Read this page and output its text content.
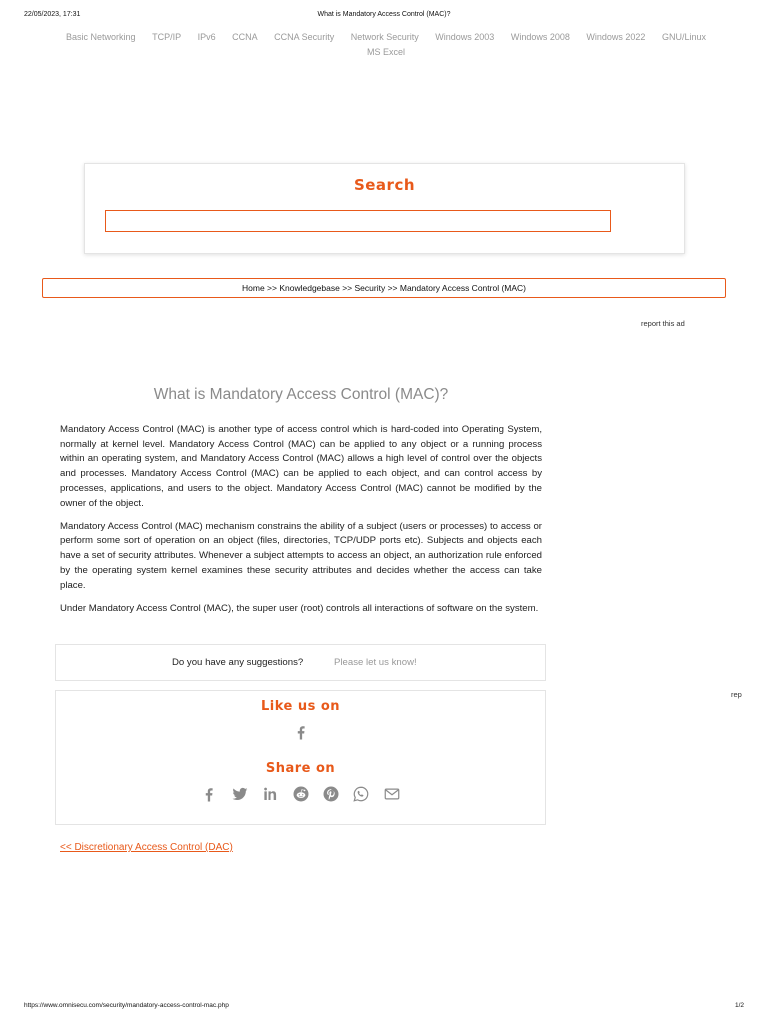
22/05/2023, 17:31	What is Mandatory Access Control (MAC)?
Basic Networking TCP/IP IPv6 CCNA CCNA Security Network Security Windows 2003 Windows 2008 Windows 2022 GNU/Linux MS Excel
Search
Home >> Knowledgebase >> Security >> Mandatory Access Control (MAC)
report this ad
rep
What is Mandatory Access Control (MAC)?

Mandatory Access Control (MAC) is another type of access control which is hard-coded into Operating System, normally at kernel level. Mandatory Access Control (MAC) can be applied to any object or a running process within an operating system, and Mandatory Access Control (MAC) allows a high level of control over the objects and processes. Mandatory Access Control (MAC) can be applied to each object, and can control access by processes, applications, and users to the object. Mandatory Access Control (MAC) cannot be modified by the owner of the object.

Mandatory Access Control (MAC) mechanism constrains the ability of a subject (users or processes) to access or perform some sort of operation on an object (files, directories, TCP/UDP ports etc). Subjects and objects each have a set of security attributes. Whenever a subject attempts to access an object, an authorization rule enforced by the operating system kernel examines these security attributes and decides whether the access can take place.

Under Mandatory Access Control (MAC), the super user (root) controls all interactions of software on the system.

Do you have any suggestions?	Please let us know!
Like us on
Share on

<< Discretionary Access Control (DAC)
https://www.omnisecu.com/security/mandatory-access-control-mac.php	1/2
